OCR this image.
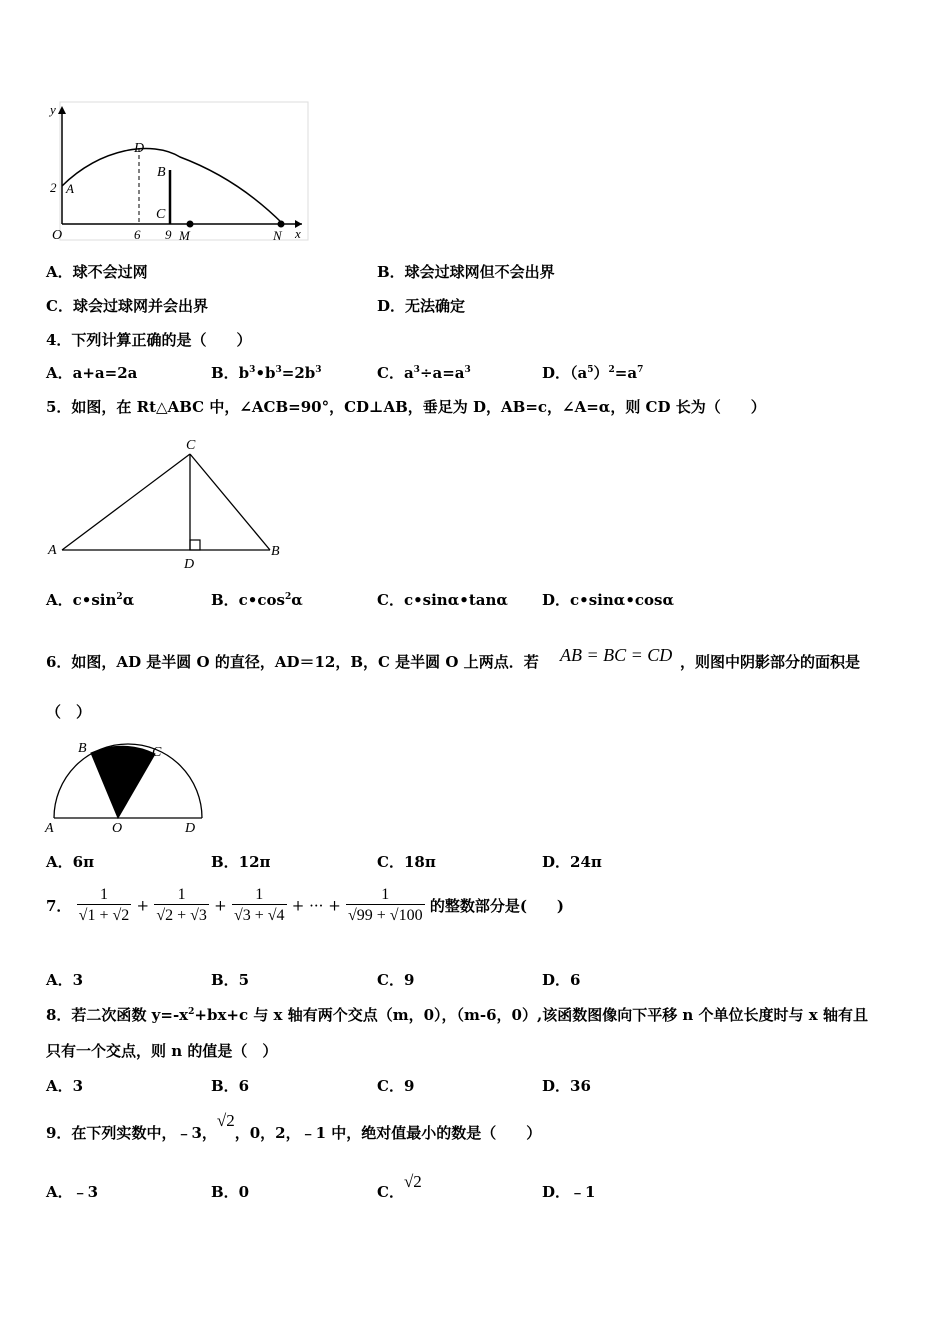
y
x
O
D
B
C
A
2
6 9 M	N
A．球不会过网	B．球会过球网但不会出界
C．球会过球网并会出界	D．无法确定
4．下列计算正确的是（　　）
A．a+a=2a	B．$b^3•b^3=2b^3$	C．$a^3\div a=a^3$	D．$(a^5)^2=a^7$
5．如图，在 Rt△ABC 中，∠ACB=90°，CD⊥AB，垂足为 D，AB=c，∠A=α，则 CD 长为（　　）
A	B
C
D
A．$c•\sin^2\alpha$	B．$c•\cos^2\alpha$	C．c•sinα•tanα D．c•sinα•cosα
6．如图，AD 是半圆 O 的直径，AD＝12，B，C 是半圆 O 上两点．若 AB = BC = CD ，则图中阴影部分的面积是
（　）
B	C
A	O	D
A．6π	B．12π	C．18π	D．24π
7． $\frac{1}{√1 + √2} + \frac{1}{√2 + √3} + \frac{1}{√3 + √4}$ + ··· + $\frac{1}{√99 + √100}$ 的整数部分是(　　)
A．3	B．5	C．9	D．6
8．若二次函数 $y=-x^2+bx+c$ 与 x 轴有两个交点（m，0），（m-6，0）,该函数图像向下平移 n 个单位长度时与 x 轴有且
只有一个交点，则 n 的值是（　）
A．3	B．6	C．9	D．36
9．在下列实数中，﹣3，√2，0，2，﹣1 中，绝对值最小的数是（　　）
A．﹣3	B．0	C．√2
D．﹣1
